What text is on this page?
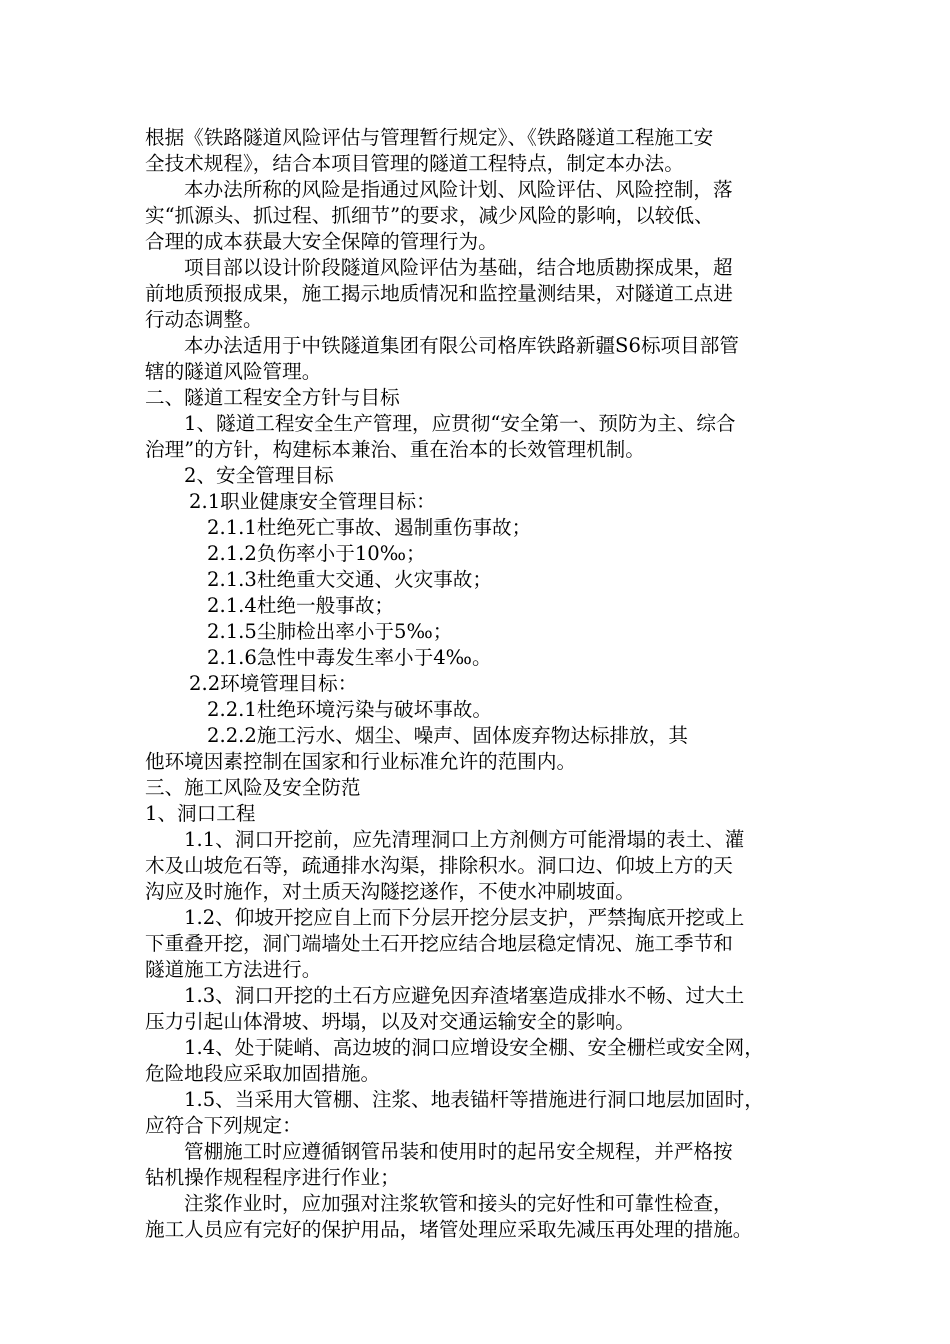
根据《铁路隧道风险评估与管理暂行规定》、《铁路隧道工程施工安

全技术规程》，结合本项目管理的隧道工程特点，制定本办法。

本办法所称的风险是指通过风险计划、风险评估、风险控制，落

实“抓源头、抓过程、抓细节”的要求，减少风险的影响，以较低、

合理的成本获最大安全保障的管理行为。

项目部以设计阶段隧道风险评估为基础，结合地质勘探成果，超

前地质预报成果，施工揭示地质情况和监控量测结果，对隧道工点进

行动态调整。

本办法适用于中铁隧道集团有限公司格库铁路新疆S6标项目部管

辖的隧道风险管理。

二、隧道工程安全方针与目标

1、隧道工程安全生产管理，应贯彻“安全第一、预防为主、综合

治理”的方针，构建标本兼治、重在治本的长效管理机制。

2、安全管理目标

2.1职业健康安全管理目标：

2.1.1杜绝死亡事故、遏制重伤事故；

2.1.2负伤率小于10‰；

2.1.3杜绝重大交通、火灾事故；

2.1.4杜绝一般事故；

2.1.5尘肺检出率小于5‰；

2.1.6急性中毒发生率小于4‰。

2.2环境管理目标：

2.2.1杜绝环境污染与破坏事故。

2.2.2施工污水、烟尘、噪声、固体废弃物达标排放，其

他环境因素控制在国家和行业标准允许的范围内。

三、施工风险及安全防范

1、洞口工程

1.1、洞口开挖前，应先清理洞口上方剂侧方可能滑塌的表土、灌

木及山坡危石等，疏通排水沟渠，排除积水。洞口边、仰坡上方的天

沟应及时施作，对土质天沟隧挖遂作，不使水冲刷坡面。

1.2、仰坡开挖应自上而下分层开挖分层支护，严禁掏底开挖或上

下重叠开挖，洞门端墙处土石开挖应结合地层稳定情况、施工季节和

隧道施工方法进行。

1.3、洞口开挖的土石方应避免因弃渣堵塞造成排水不畅、过大土

压力引起山体滑坡、坍塌，以及对交通运输安全的影响。

1.4、处于陡峭、高边坡的洞口应增设安全棚、安全栅栏或安全网，

危险地段应采取加固措施。

1.5、当采用大管棚、注浆、地表锚杆等措施进行洞口地层加固时，

应符合下列规定：

管棚施工时应遵循钢管吊装和使用时的起吊安全规程，并严格按

钻机操作规程程序进行作业；

注浆作业时，应加强对注浆软管和接头的完好性和可靠性检查，

施工人员应有完好的保护用品，堵管处理应采取先减压再处理的措施。
